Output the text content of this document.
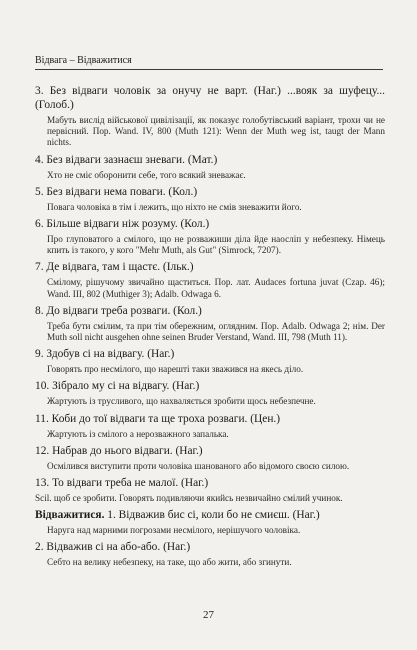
Відвага – Відважитися

3. Без відваги чоловік за онучу не варт. (Наг.) ...вояк за шуфецу... (Голоб.)

Мабуть вислід військової цивілізації, як показує голобутівський варіант, трохи чи не первісний. Пор. Wand. IV, 800 (Muth 121): Wenn der Muth weg ist, taugt der Mann nichts.

4. Без відваги зазнаєш зневаги. (Мат.)

Хто не сміє оборонити себе, того всякий зневажає.

5. Без відваги нема поваги. (Кол.)

Повага чоловіка в тім і лежить, що ніхто не смів зневажити його.

6. Більше відваги ніж розуму. (Кол.)

Про глуповатого а смілого, що не розважиши діла йде наосліп у небезпеку. Німець кпить із такого, у кого "Mehr Muth, als Gut" (Simrock, 7207).

7. Де відвага, там і щастє. (Ільк.)

Смілому, рішучому звичайно щаститься. Пор. лат. Audaces fortuna juvat (Czap. 46); Wand. III, 802 (Muthiger 3); Adalb. Odwaga 6.

8. До відваги треба розваги. (Кол.)

Треба бути смілим, та при тім обережним, оглядним. Пор. Adalb. Odwaga 2; нім. Der Muth soll nicht ausgehen ohne seinen Bruder Verstand, Wand. III, 798 (Muth 11).

9. Здобув сі на відвагу. (Наг.)

Говорять про несмілого, що нарешті таки зважився на якесь діло.

10. Зібрало му сі на відвагу. (Наг.)

Жартують із трусливого, що нахваляється зробити щось небезпечне.

11. Коби до тої відваги та ще троха розваги. (Цен.)

Жартують із смілого а нерозважного запалька.

12. Набрав до нього відваги. (Наг.)

Осмілився виступити проти чоловіка шанованого або відомого своєю силою.

13. То відваги треба не малої. (Наг.)

Scil. щоб се зробити. Говорять подивляючи якийсь незвичайно смілий учинок.

Відважитися. 1. Відважив бис сі, коли бо не смиєш. (Наг.)

Наруга над марними погрозами несмілого, нерішучого чоловіка.

2. Відважив сі на або-або. (Наг.)

Себто на велику небезпеку, на таке, що або жити, або згинути.

27
